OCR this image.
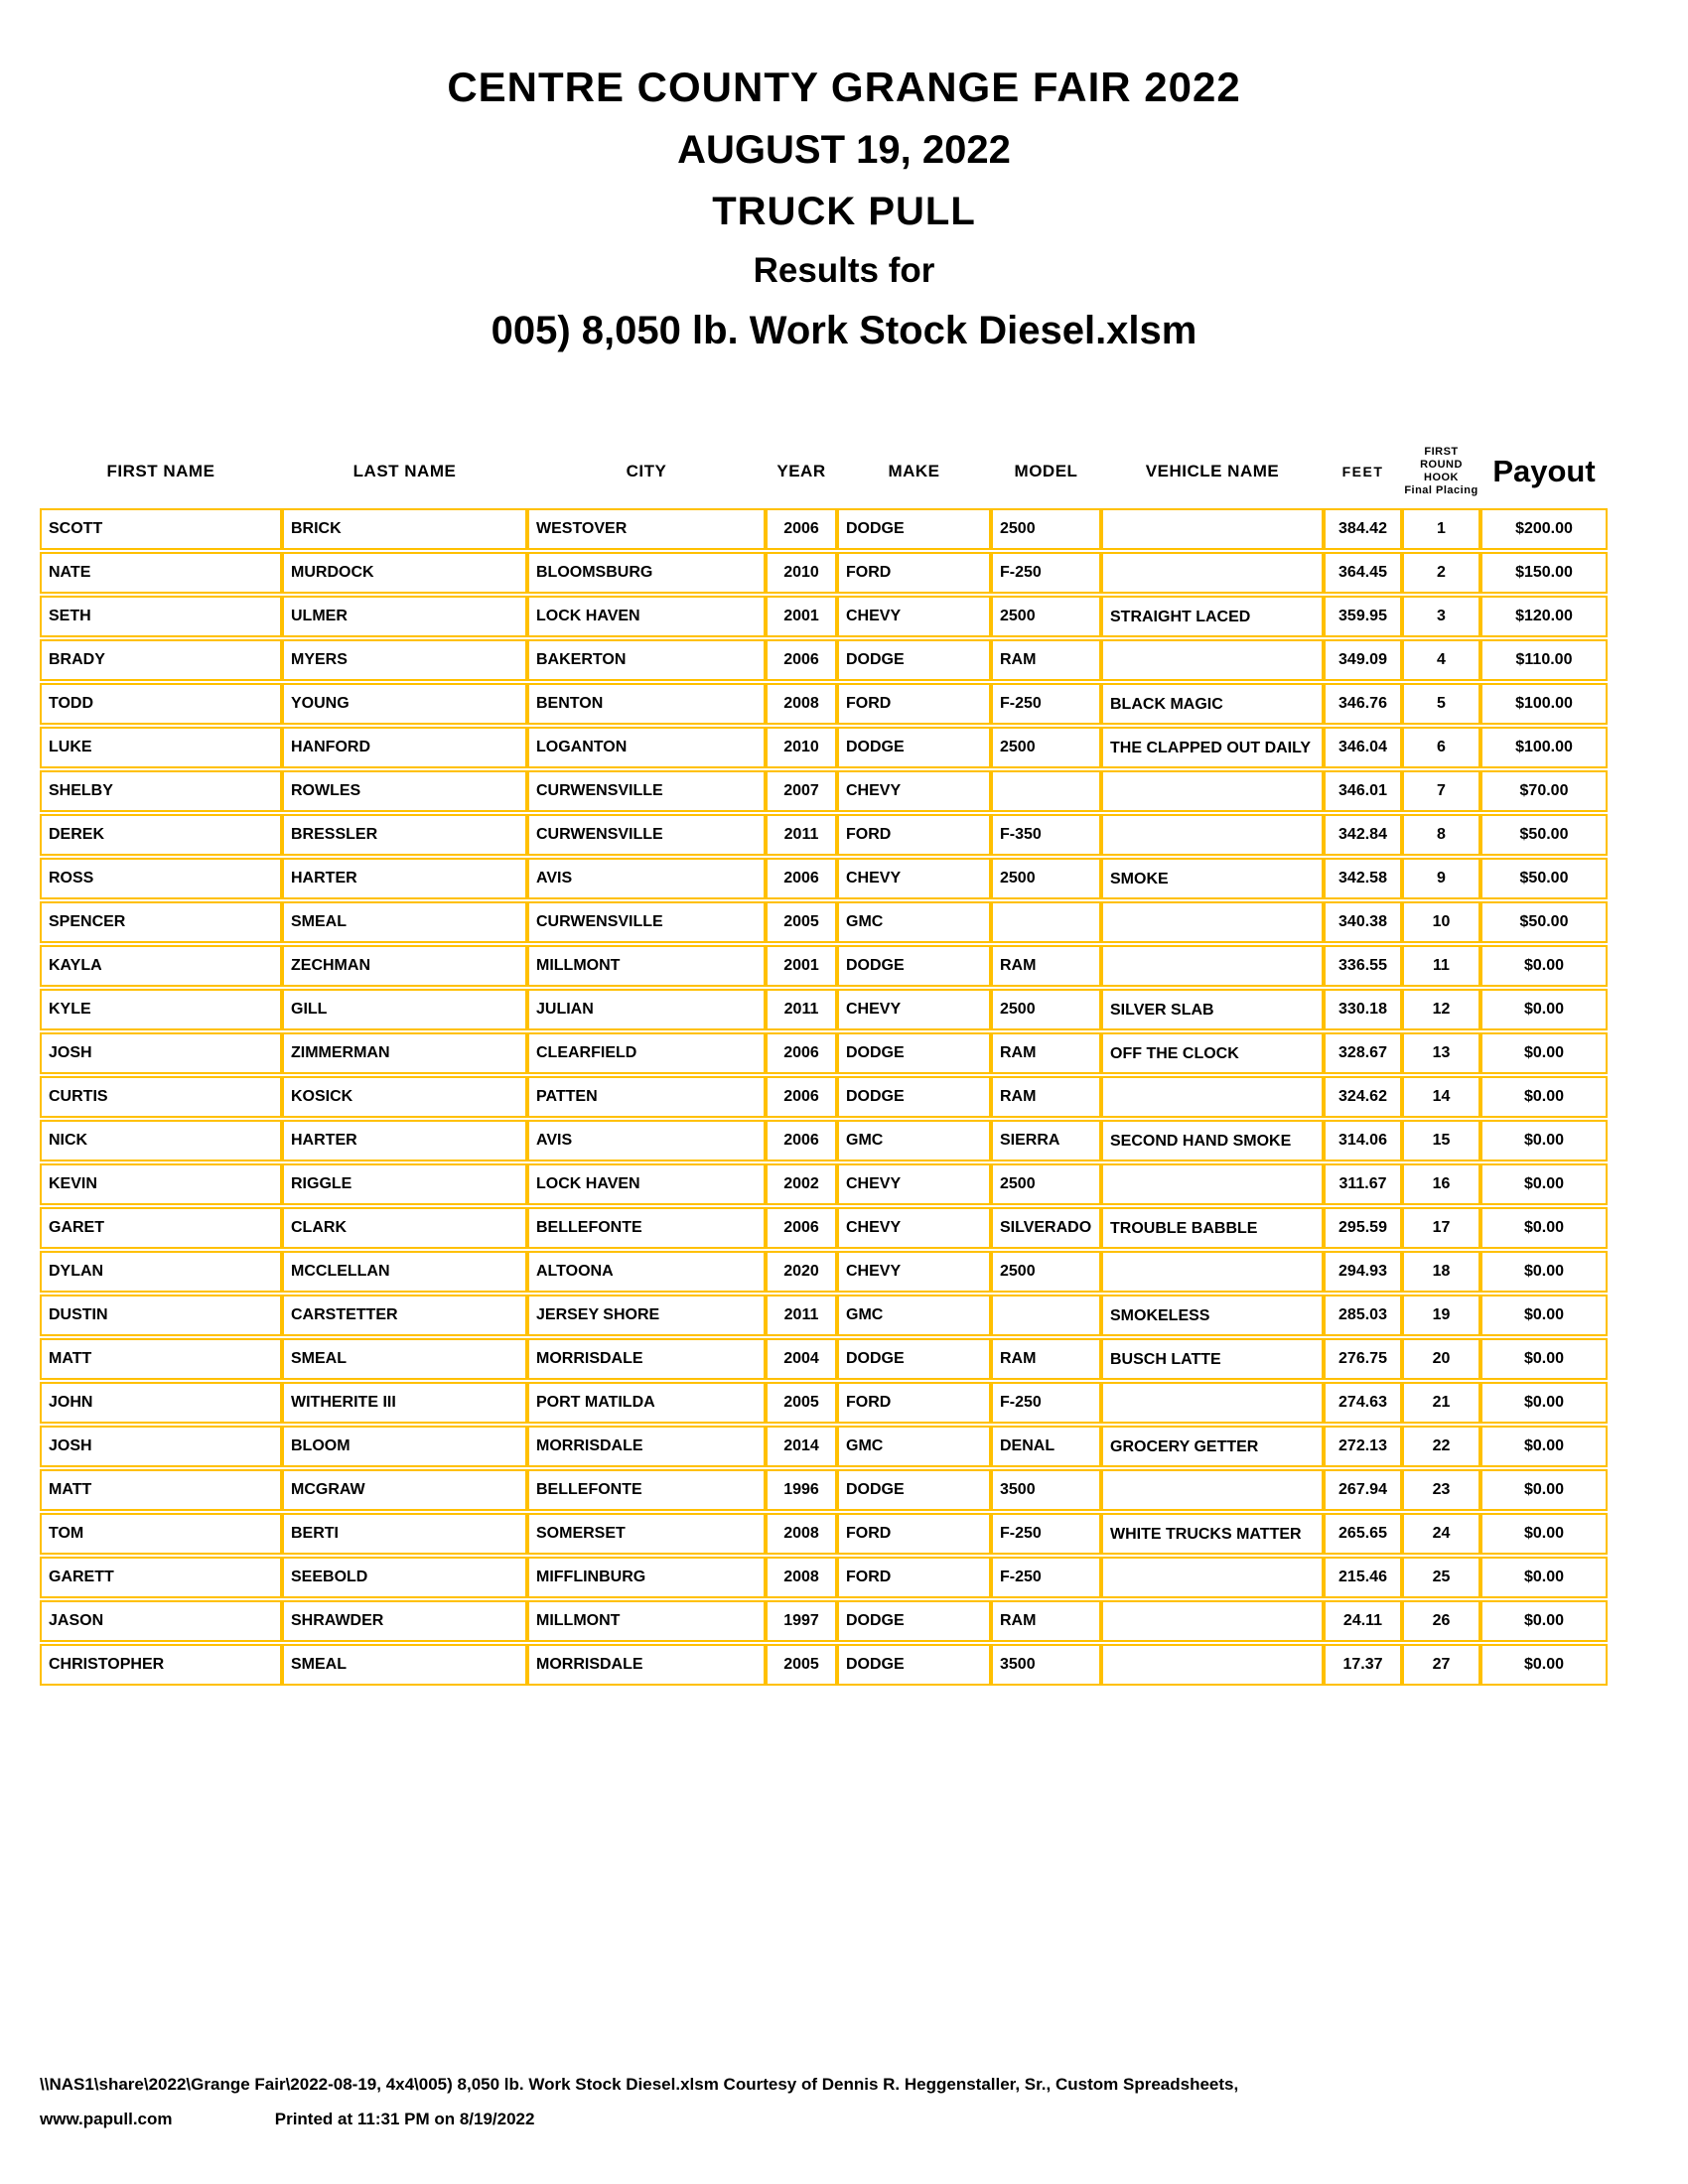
CENTRE COUNTY GRANGE FAIR 2022
AUGUST 19, 2022
TRUCK PULL
Results for
005) 8,050 lb. Work Stock Diesel.xlsm
FIRST NAME	LAST NAME	CITY	YEAR	MAKE	MODEL	VEHICLE NAME	FEET	FIRST ROUND
HOOK
Final Placing	Payout
SCOTT	BRICK	WESTOVER	2006	DODGE	2500		384.42	1	$200.00
NATE	MURDOCK	BLOOMSBURG	2010	FORD	F-250		364.45	2	$150.00
SETH	ULMER	LOCK HAVEN	2001	CHEVY	2500	STRAIGHT LACED	359.95	3	$120.00
BRADY	MYERS	BAKERTON	2006	DODGE	RAM		349.09	4	$110.00
TODD	YOUNG	BENTON	2008	FORD	F-250	BLACK MAGIC	346.76	5	$100.00
LUKE	HANFORD	LOGANTON	2010	DODGE	2500	THE CLAPPED OUT DAILY	346.04	6	$100.00
SHELBY	ROWLES	CURWENSVILLE	2007	CHEVY			346.01	7	$70.00
DEREK	BRESSLER	CURWENSVILLE	2011	FORD	F-350		342.84	8	$50.00
ROSS	HARTER	AVIS	2006	CHEVY	2500	SMOKE	342.58	9	$50.00
SPENCER	SMEAL	CURWENSVILLE	2005	GMC			340.38	10	$50.00
KAYLA	ZECHMAN	MILLMONT	2001	DODGE	RAM		336.55	11	$0.00
KYLE	GILL	JULIAN	2011	CHEVY	2500	SILVER SLAB	330.18	12	$0.00
JOSH	ZIMMERMAN	CLEARFIELD	2006	DODGE	RAM	OFF THE CLOCK	328.67	13	$0.00
CURTIS	KOSICK	PATTEN	2006	DODGE	RAM		324.62	14	$0.00
NICK	HARTER	AVIS	2006	GMC	SIERRA	SECOND HAND SMOKE	314.06	15	$0.00
KEVIN	RIGGLE	LOCK HAVEN	2002	CHEVY	2500		311.67	16	$0.00
GARET	CLARK	BELLEFONTE	2006	CHEVY	SILVERADO	TROUBLE BABBLE	295.59	17	$0.00
DYLAN	MCCLELLAN	ALTOONA	2020	CHEVY	2500		294.93	18	$0.00
DUSTIN	CARSTETTER	JERSEY SHORE	2011	GMC		SMOKELESS	285.03	19	$0.00
MATT	SMEAL	MORRISDALE	2004	DODGE	RAM	BUSCH LATTE	276.75	20	$0.00
JOHN	WITHERITE III	PORT MATILDA	2005	FORD	F-250		274.63	21	$0.00
JOSH	BLOOM	MORRISDALE	2014	GMC	DENAL	GROCERY GETTER	272.13	22	$0.00
MATT	MCGRAW	BELLEFONTE	1996	DODGE	3500		267.94	23	$0.00
TOM	BERTI	SOMERSET	2008	FORD	F-250	WHITE TRUCKS MATTER	265.65	24	$0.00
GARETT	SEEBOLD	MIFFLINBURG	2008	FORD	F-250		215.46	25	$0.00
JASON	SHRAWDER	MILLMONT	1997	DODGE	RAM		24.11	26	$0.00
CHRISTOPHER	SMEAL	MORRISDALE	2005	DODGE	3500		17.37	27	$0.00
\\NAS1\share\2022\Grange Fair\2022-08-19, 4x4\005) 8,050 lb. Work Stock Diesel.xlsm Courtesy of Dennis R. Heggenstaller, Sr., Custom Spreadsheets,
www.papull.com	Printed at 11:31 PM on 8/19/2022
